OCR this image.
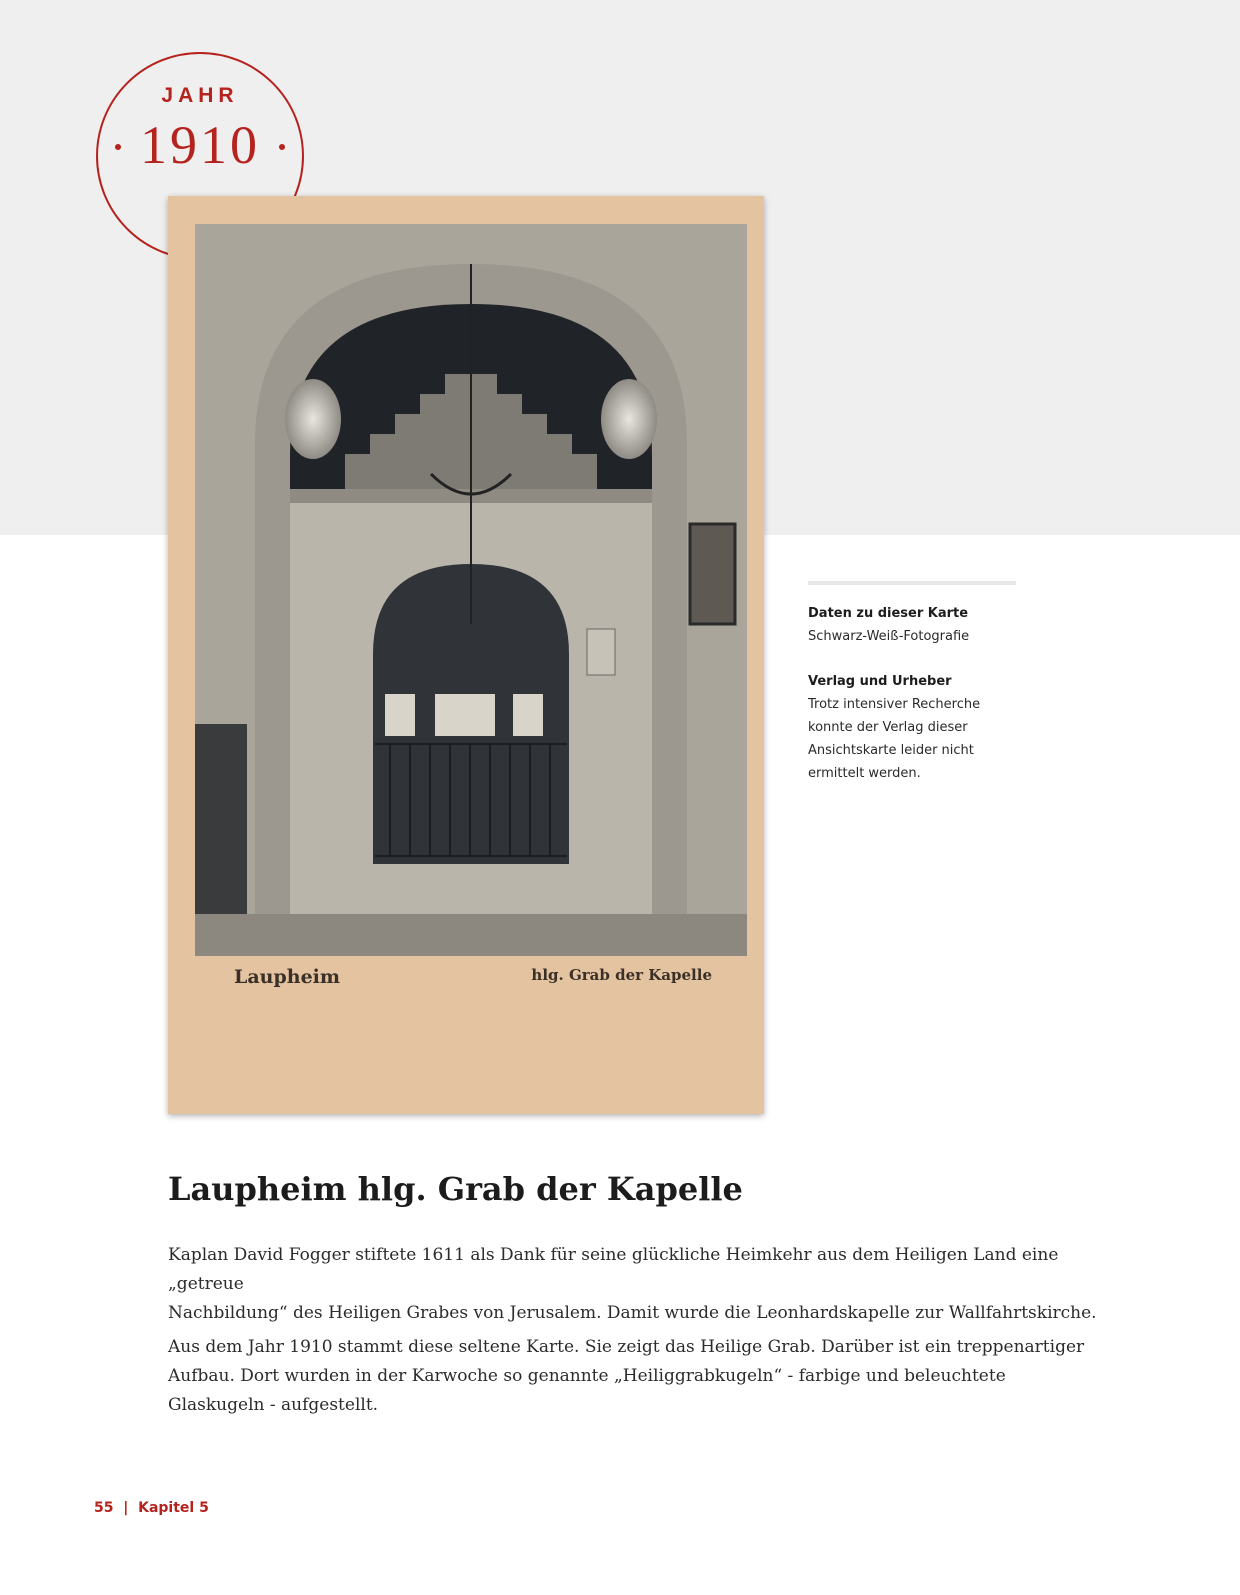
JAHR
1910
Laupheim	hlg. Grab der Kapelle
Daten zu dieser Karte
Schwarz-Weiß-Fotografie
Verlag und Urheber
Trotz intensiver Recherche
konnte der Verlag dieser
Ansichtskarte leider nicht
ermittelt werden.
Laupheim hlg. Grab der Kapelle
Kaplan David Fogger stiftete 1611 als Dank für seine glückliche Heimkehr aus dem Heiligen Land eine „getreue
Nachbildung“ des Heiligen Grabes von Jerusalem. Damit wurde die Leonhardskapelle zur Wallfahrtskirche.
Aus dem Jahr 1910 stammt diese seltene Karte. Sie zeigt das Heilige Grab. Darüber ist ein treppenartiger
Aufbau. Dort wurden in der Karwoche so genannte „Heiliggrabkugeln“ - farbige und beleuchtete
Glaskugeln - aufgestellt.
55 | Kapitel 5
